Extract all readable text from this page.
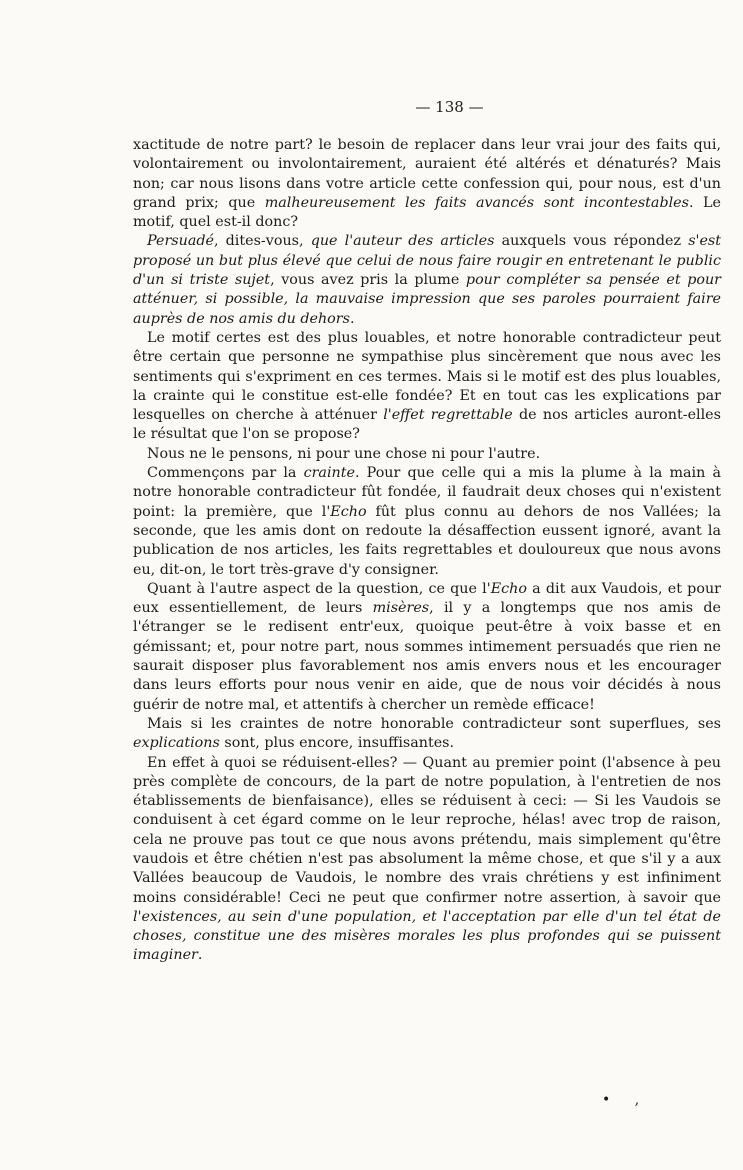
— 138 —

xactitude de notre part? le besoin de replacer dans leur vrai jour des faits qui, volontairement ou involontairement, auraient été altérés et dénaturés? Mais non; car nous lisons dans votre article cette confession qui, pour nous, est d'un grand prix; que malheureusement les faits avancés sont incontestables. Le motif, quel est-il donc?

Persuadé, dites-vous, que l'auteur des articles auxquels vous répondez s'est proposé un but plus élevé que celui de nous faire rougir en entretenant le public d'un si triste sujet, vous avez pris la plume pour compléter sa pensée et pour atténuer, si possible, la mauvaise impression que ses paroles pourraient faire auprès de nos amis du dehors.

Le motif certes est des plus louables, et notre honorable contradicteur peut être certain que personne ne sympathise plus sincèrement que nous avec les sentiments qui s'expriment en ces termes. Mais si le motif est des plus louables, la crainte qui le constitue est-elle fondée? Et en tout cas les explications par lesquelles on cherche à atténuer l'effet regrettable de nos articles auront-elles le résultat que l'on se propose?

Nous ne le pensons, ni pour une chose ni pour l'autre.

Commençons par la crainte. Pour que celle qui a mis la plume à la main à notre honorable contradicteur fût fondée, il faudrait deux choses qui n'existent point: la première, que l'Echo fût plus connu au dehors de nos Vallées; la seconde, que les amis dont on redoute la désaffection eussent ignoré, avant la publication de nos articles, les faits regrettables et douloureux que nous avons eu, dit-on, le tort très-grave d'y consigner.

Quant à l'autre aspect de la question, ce que l'Echo a dit aux Vaudois, et pour eux essentiellement, de leurs misères, il y a longtemps que nos amis de l'étranger se le redisent entr'eux, quoique peut-être à voix basse et en gémissant; et, pour notre part, nous sommes intimement persuadés que rien ne saurait disposer plus favorablement nos amis envers nous et les encourager dans leurs efforts pour nous venir en aide, que de nous voir décidés à nous guérir de notre mal, et attentifs à chercher un remède efficace!

Mais si les craintes de notre honorable contradicteur sont superflues, ses explications sont, plus encore, insuffisantes.

En effet à quoi se réduisent-elles? — Quant au premier point (l'absence à peu près complète de concours, de la part de notre population, à l'entretien de nos établissements de bienfaisance), elles se réduisent à ceci: — Si les Vaudois se conduisent à cet égard comme on le leur reproche, hélas! avec trop de raison, cela ne prouve pas tout ce que nous avons prétendu, mais simplement qu'être vaudois et être chétien n'est pas absolument la même chose, et que s'il y a aux Vallées beaucoup de Vaudois, le nombre des vrais chrétiens y est infiniment moins considérable! Ceci ne peut que confirmer notre assertion, à savoir que l'existences, au sein d'une population, et l'acceptation par elle d'un tel état de choses, constitue une des misères morales les plus profondes qui se puissent imaginer.

• ,
